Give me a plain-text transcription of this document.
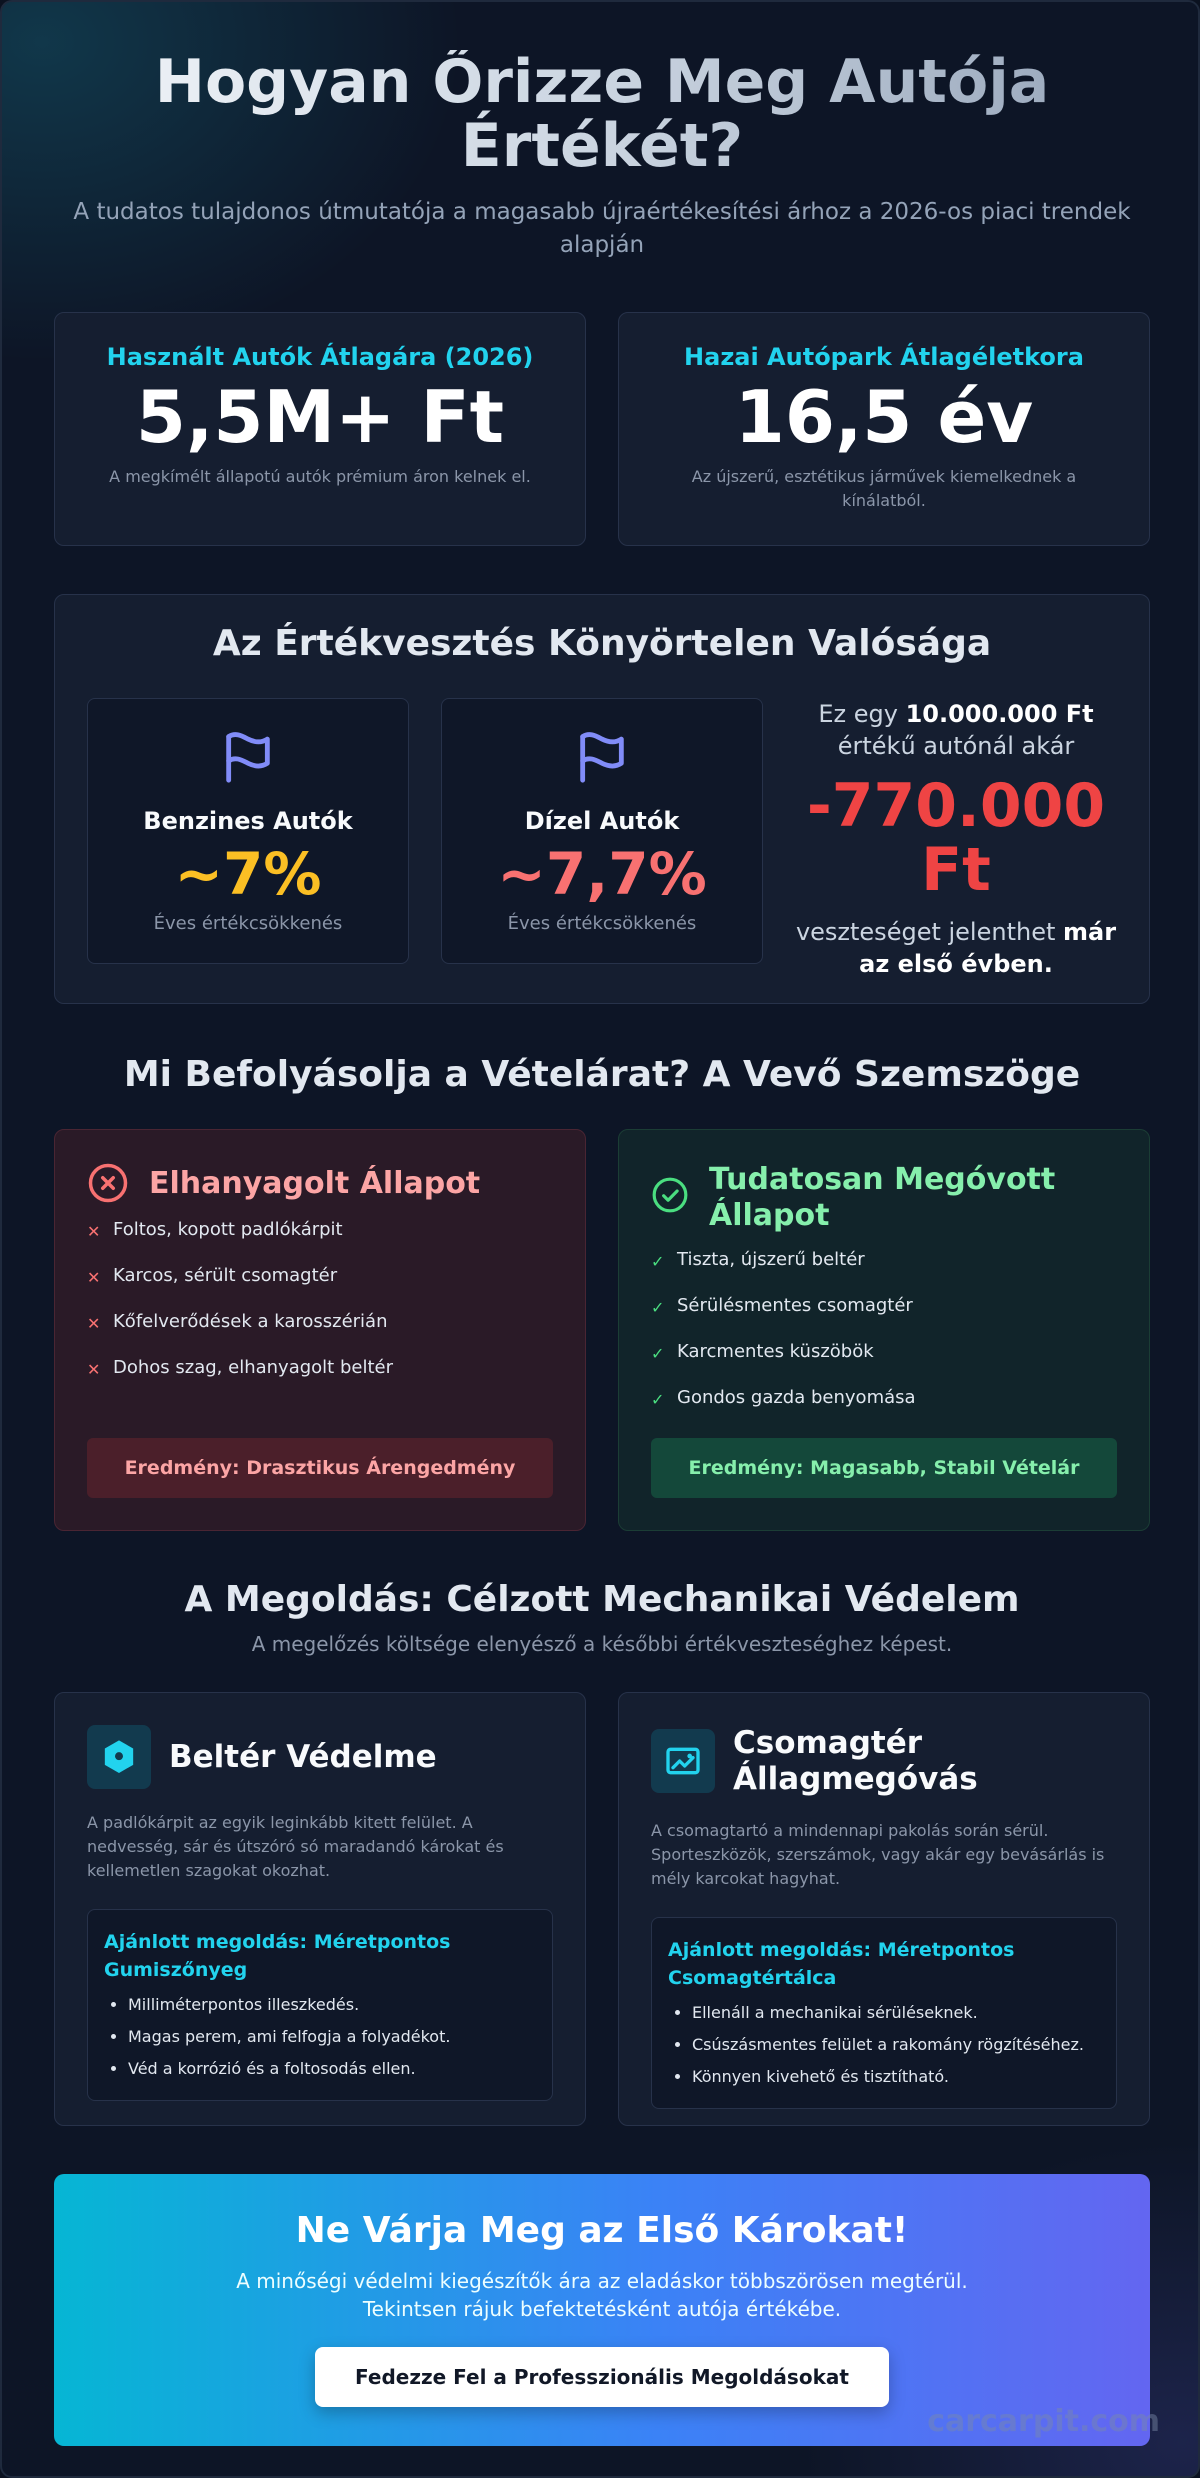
Hogyan Őrizze Meg Autója Értékét?

A tudatos tulajdonos útmutatója a magasabb újraértékesítési árhoz a 2026-os piaci trendek alapján

Használt Autók Átlagára (2026)
5,5M+ Ft
A megkímélt állapotú autók prémium áron kelnek el.
Hazai Autópark Átlagéletkora
16,5 év
Az újszerű, esztétikus járművek kiemelkednek a kínálatból.
Az Értékvesztés Könyörtelen Valósága
Benzines Autók
~7%
Éves értékcsökkenés
Dízel Autók
~7,7%
Éves értékcsökkenés
Ez egy 10.000.000 Ft értékű autónál akár
-770.000 Ft
veszteséget jelenthet már az első évben.
Mi Befolyásolja a Vételárat? A Vevő Szemszöge
Elhanyagolt Állapot
✕ Foltos, kopott padlókárpit
✕ Karcos, sérült csomagtér
✕ Kőfelverődések a karosszérián
✕ Dohos szag, elhanyagolt beltér
Eredmény: Drasztikus Árengedmény
Tudatosan Megóvott Állapot
✓ Tiszta, újszerű beltér
✓ Sérülésmentes csomagtér
✓ Karcmentes küszöbök
✓ Gondos gazda benyomása
Eredmény: Magasabb, Stabil Vételár
A Megoldás: Célzott Mechanikai Védelem

A megelőzés költsége elenyésző a későbbi értékveszteséghez képest.

Beltér Védelme

A padlókárpit az egyik leginkább kitett felület. A nedvesség, sár és útszóró só maradandó károkat és kellemetlen szagokat okozhat.

Ajánlott megoldás: Méretpontos Gumiszőnyeg
• Milliméterpontos illeszkedés.
• Magas perem, ami felfogja a folyadékot.
• Véd a korrózió és a foltosodás ellen.
Csomagtér Állagmegóvás

A csomagtartó a mindennapi pakolás során sérül. Sporteszközök, szerszámok, vagy akár egy bevásárlás is mély karcokat hagyhat.

Ajánlott megoldás: Méretpontos Csomagtértálca
• Ellenáll a mechanikai sérüléseknek.
• Csúszásmentes felület a rakomány rögzítéséhez.
• Könnyen kivehető és tisztítható.
Ne Várja Meg az Első Károkat!

A minőségi védelmi kiegészítők ára az eladáskor többszörösen megtérül.
Tekintsen rájuk befektetésként autója értékébe.

Fedezze Fel a Professzionális Megoldásokat
carcarpit.com
